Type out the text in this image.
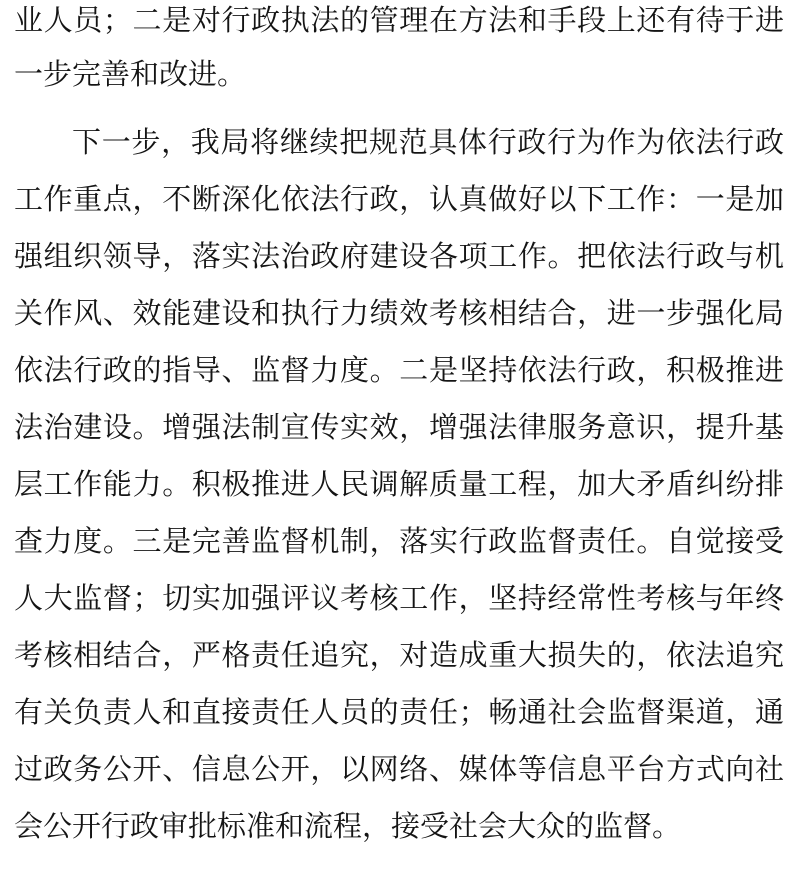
业人员；二是对行政执法的管理在方法和手段上还有待于进
一步完善和改进。
下一步，我局将继续把规范具体行政行为作为依法行政
工作重点，不断深化依法行政，认真做好以下工作：一是加
强组织领导，落实法治政府建设各项工作。把依法行政与机
关作风、效能建设和执行力绩效考核相结合，进一步强化局
依法行政的指导、监督力度。二是坚持依法行政，积极推进
法治建设。增强法制宣传实效，增强法律服务意识，提升基
层工作能力。积极推进人民调解质量工程，加大矛盾纠纷排
查力度。三是完善监督机制，落实行政监督责任。自觉接受
人大监督；切实加强评议考核工作，坚持经常性考核与年终
考核相结合，严格责任追究，对造成重大损失的，依法追究
有关负责人和直接责任人员的责任；畅通社会监督渠道，通
过政务公开、信息公开，以网络、媒体等信息平台方式向社
会公开行政审批标准和流程，接受社会大众的监督。
